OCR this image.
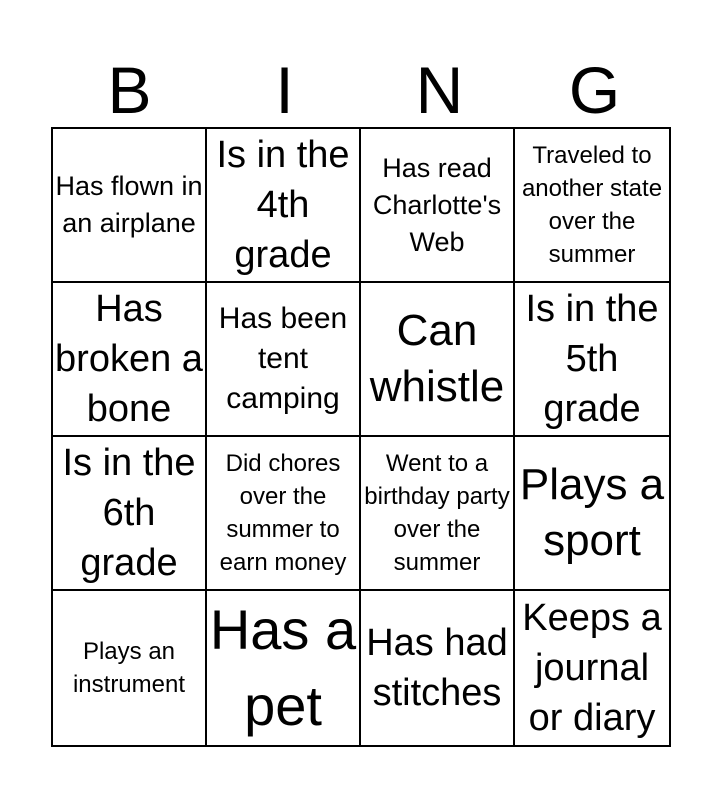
B	I	N	G
Has flown in an airplane
Is in the 4th grade
Has read Charlotte's Web
Traveled to another state over the summer
Has broken a bone
Has been tent camping
Can whistle
Is in the 5th grade
Is in the 6th grade
Did chores over the summer to earn money
Went to a birthday party over the summer
Plays a sport
Plays an instrument
Has a pet
Has had stitches
Keeps a journal or diary
